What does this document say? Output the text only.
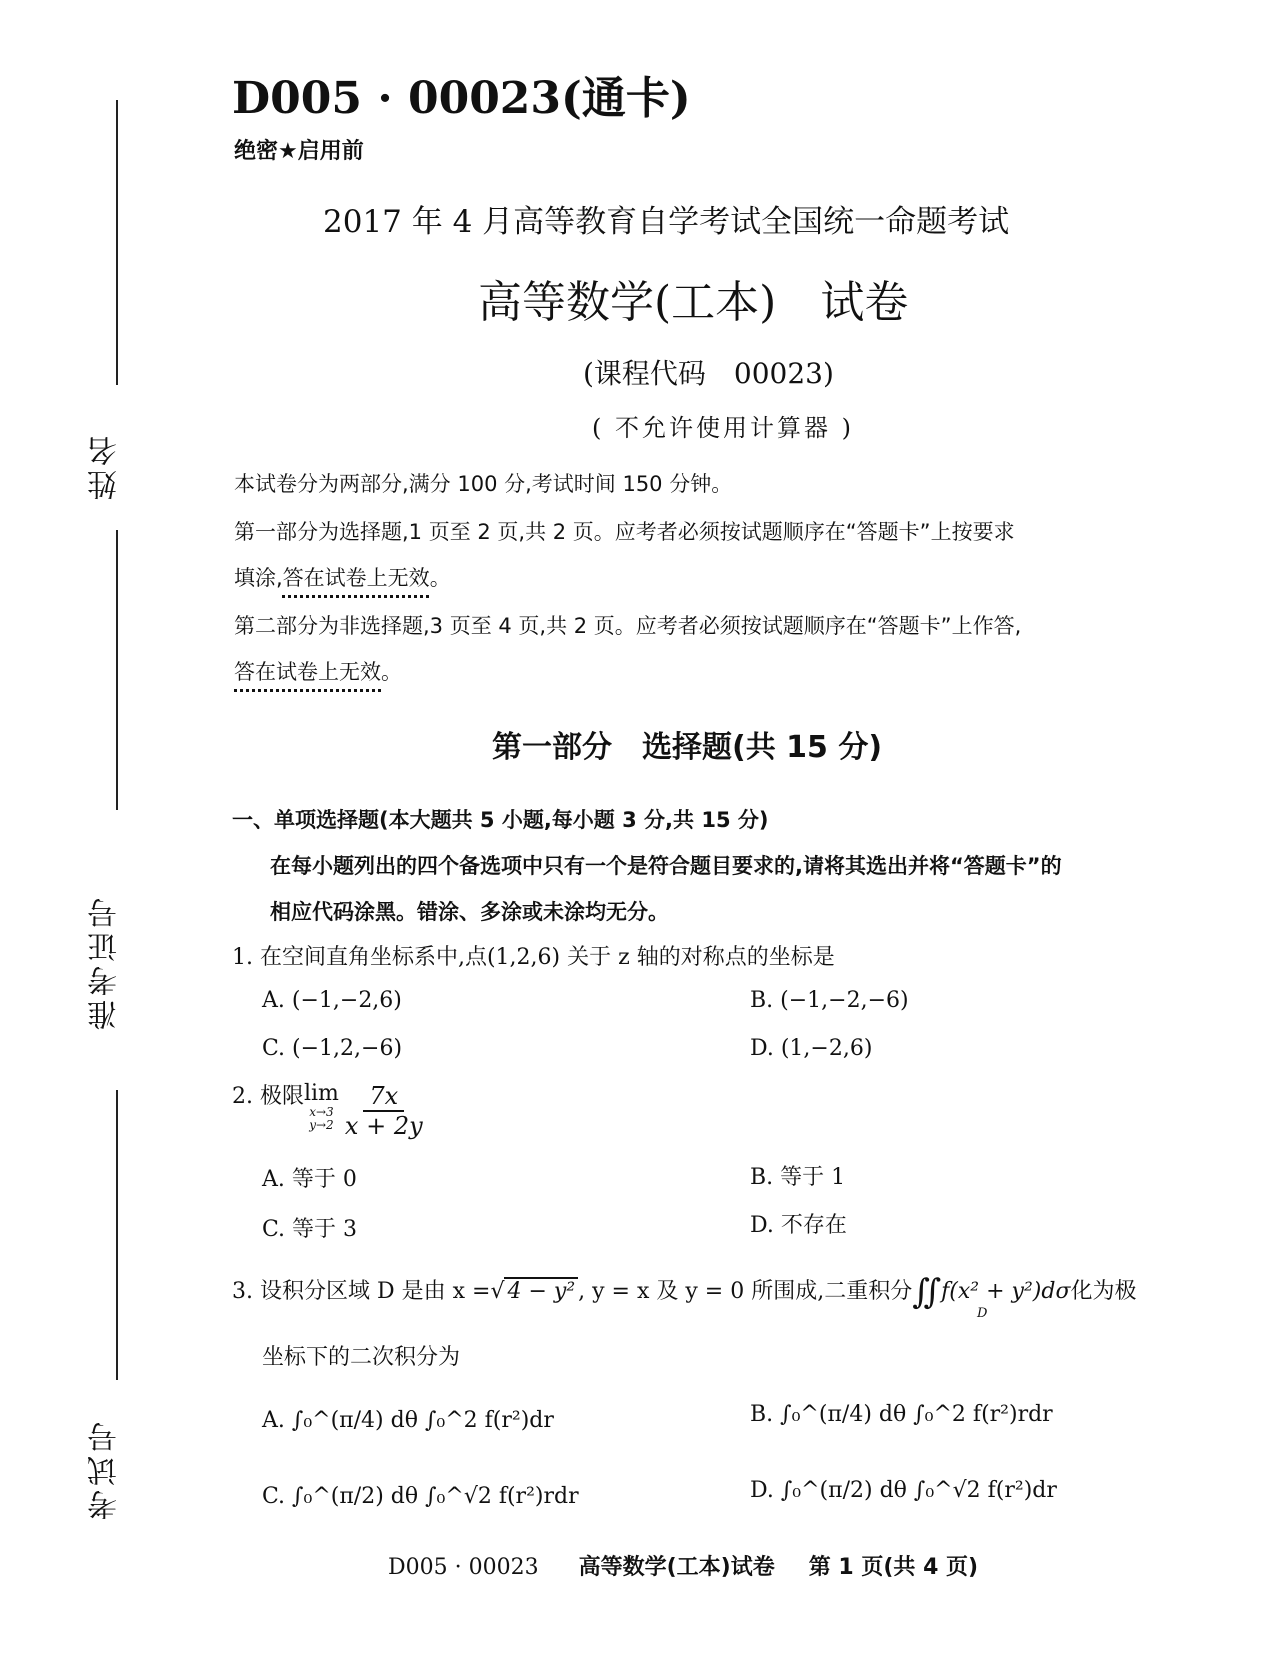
姓名
准考证号
考试号
D005 · 00023(通卡)
绝密★启用前
2017 年 4 月高等教育自学考试全国统一命题考试
高等数学(工本)　试卷
(课程代码　00023)
( 不允许使用计算器 )
本试卷分为两部分,满分 100 分,考试时间 150 分钟。
第一部分为选择题,1 页至 2 页,共 2 页。应考者必须按试题顺序在“答题卡”上按要求
填涂,答在试卷上无效。
第二部分为非选择题,3 页至 4 页,共 2 页。应考者必须按试题顺序在“答题卡”上作答,
答在试卷上无效。
第一部分　选择题(共 15 分)
一、单项选择题(本大题共 5 小题,每小题 3 分,共 15 分)
在每小题列出的四个备选项中只有一个是符合题目要求的,请将其选出并将“答题卡”的
相应代码涂黑。错涂、多涂或未涂均无分。
1. 在空间直角坐标系中,点(1,2,6) 关于 z 轴的对称点的坐标是
A. (−1,−2,6)	B. (−1,−2,−6)
C. (−1,2,−6)	D. (1,−2,6)
2. 极限 lim
x→3
$y\to 2 \frac{7x}{x + 2y}$
A. 等于 0	B. 等于 1
C. 等于 3	D. 不存在
3. 设积分区域 D 是由 x =√ 4 − y² , y = x 及 y = 0 所围成,二重积分∬f(x² + y²)dσ化为极
D
坐标下的二次积分为
A. ∫₀^(π/4) dθ ∫₀^2 f(r²)dr	B. ∫₀^(π/4) dθ ∫₀^2 f(r²)rdr
C. ∫₀^(π/2) dθ ∫₀^√2 f(r²)rdr	D. ∫₀^(π/2) dθ ∫₀^√2 f(r²)dr
D005 · 00023 高等数学(工本)试卷 第 1 页(共 4 页)
